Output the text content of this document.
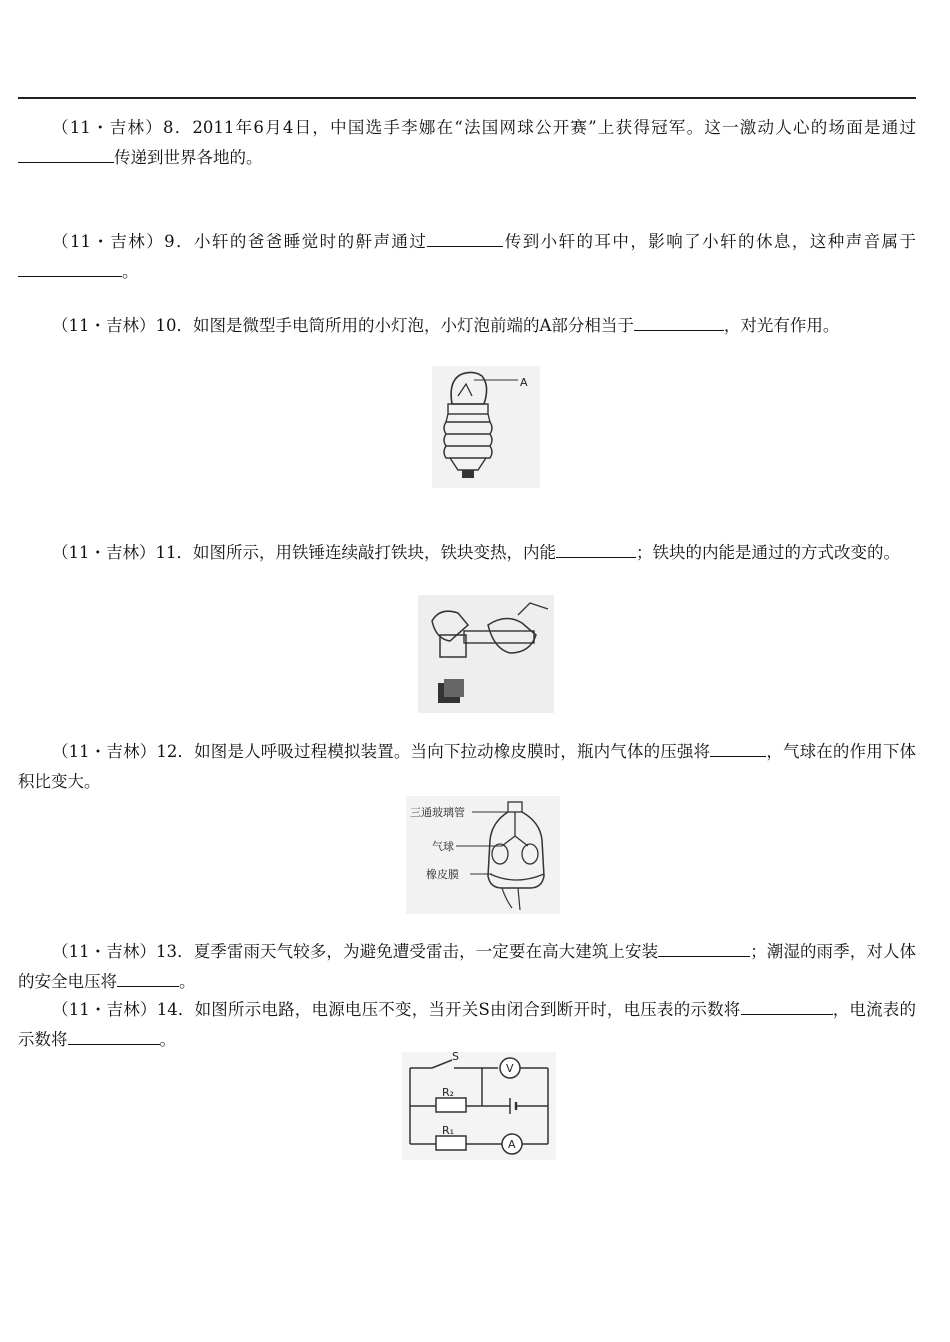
（11・吉林）8．2011年6月4日，中国选手李娜在“法国网球公开赛”上获得冠军。这一激动人心的场面是通过传递到世界各地的。

（11・吉林）9．小轩的爸爸睡觉时的鼾声通过	传到小轩的耳中，影响了小轩的休息，这种声音属于。

（11・吉林）10．如图是微型手电筒所用的小灯泡，小灯泡前端的A部分相当于	，对光有作用。

A

（11・吉林）11．如图所示，用铁锤连续敲打铁块，铁块变热，内能	；铁块的内能是通过的方式改变的。

（11・吉林）12．如图是人呼吸过程模拟装置。当向下拉动橡皮膜时，瓶内气体的压强将	，气球在的作用下体积比变大。

三通玻璃管
气球
橡皮膜

（11・吉林）13．夏季雷雨天气较多，为避免遭受雷击，一定要在高大建筑上安装	；潮湿的雨季，对人体的安全电压将	。

（11・吉林）14．如图所示电路，电源电压不变，当开关S由闭合到断开时，电压表的示数将	，电流表的示数将	。

S
V
R₂
R₁
A
